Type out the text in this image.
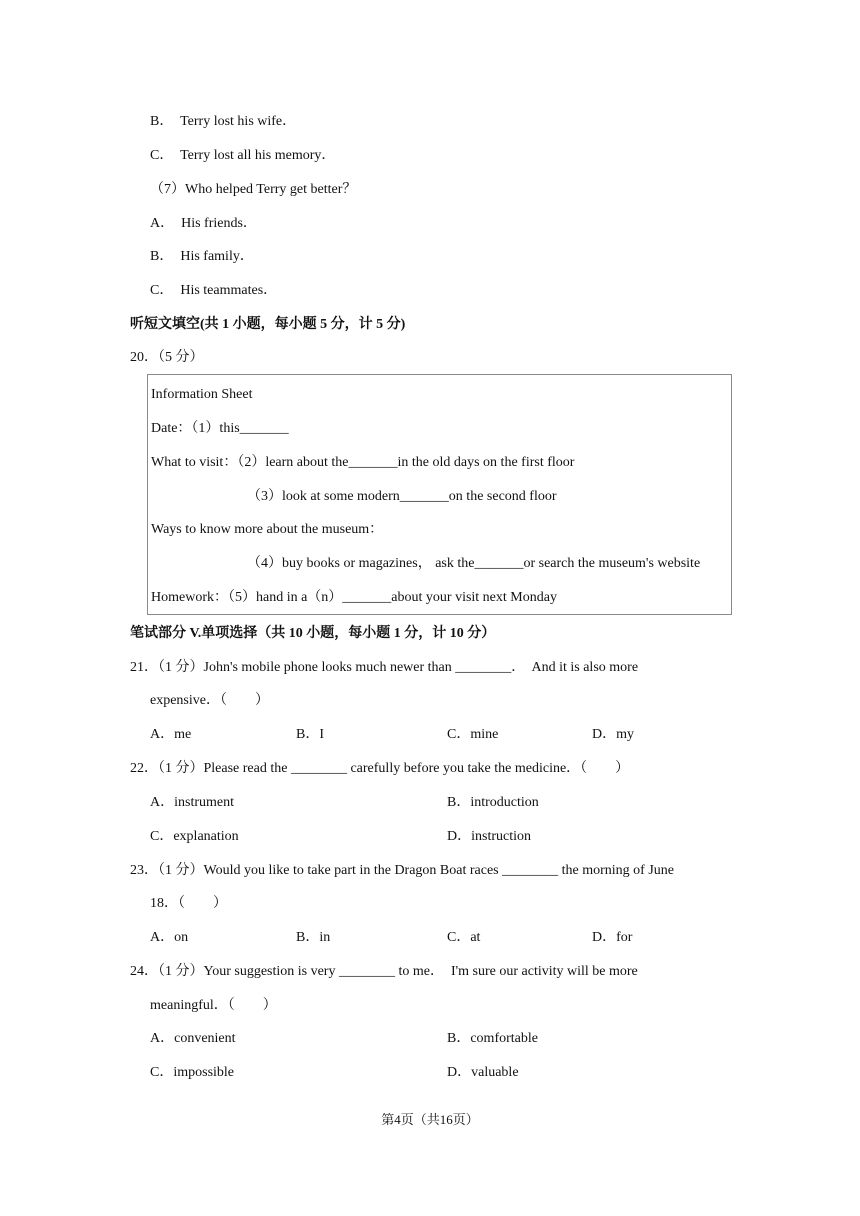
B．  Terry lost his wife．
C．  Terry lost all his memory．
（7）Who helped Terry get better？
A．  His friends．
B．  His family．
C．  His teammates．
听短文填空(共 1 小题，每小题 5 分，计 5 分)
20．（5 分）
Information Sheet
Date：（1）this_______
What to visit：（2）learn about the_______in the old days on the first floor
（3）look at some modern_______on the second floor
Ways to know more about the museum：
（4）buy books or magazines， ask the_______or search the museum's website
Homework：（5）hand in a（n）_______about your visit next Monday
笔试部分 V.单项选择（共 10 小题，每小题 1 分，计 10 分）
21．（1 分）John's mobile phone looks much newer than ________．  And it is also more
expensive．（　　）
A．me	B．I	C．mine	D．my
22．（1 分）Please read the ________ carefully before you take the medicine．（　　）
A．instrument	B．introduction
C．explanation	D．instruction
23．（1 分）Would you like to take part in the Dragon Boat races ________ the morning of June
18．（　　）
A．on	B．in	C．at	D．for
24．（1 分）Your suggestion is very ________ to me．  I'm sure our activity will be more
meaningful．（　　）
A．convenient	B．comfortable
C．impossible	D．valuable
第4页（共16页）
